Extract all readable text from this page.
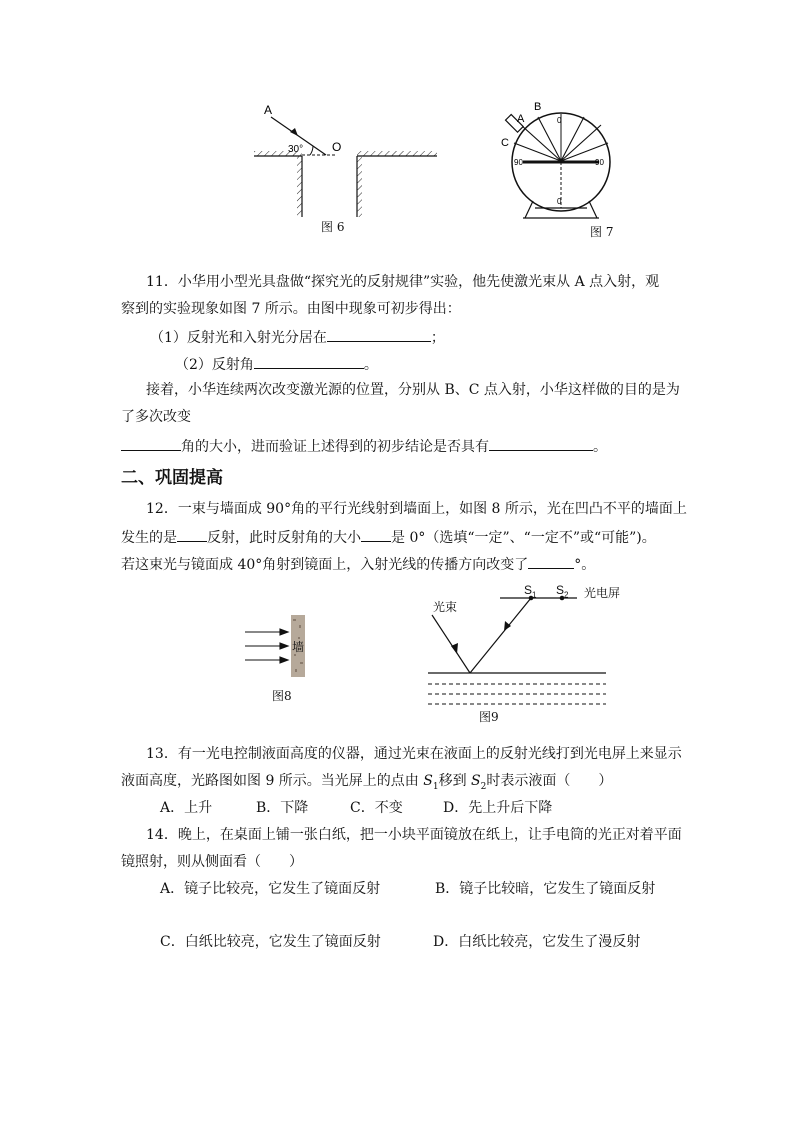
A
30° O
图 6
B
A
C
0
90	90
0
图 7
11．小华用小型光具盘做“探究光的反射规律”实验，他先使激光束从 A 点入射，观
察到的实验现象如图 7 所示。由图中现象可初步得出：
（1）反射光和入射光分居在	；
（2）反射角	。
接着，小华连续两次改变激光源的位置，分别从 B、C 点入射，小华这样做的目的是为
了多次改变
角的大小，进而验证上述得到的初步结论是否具有	。
二、巩固提高
12．一束与墙面成 90°角的平行光线射到墙面上，如图 8 所示，光在凹凸不平的墙面上
发生的是 反射，此时反射角的大小 是 0°（选填“一定”、“一定不”或“可能”)。
若这束光与镜面成 40°角射到镜面上，入射光线的传播方向改变了	°。
墙
图8
光束
$S_1$ $S_2$ 光电屏
图9
13．有一光电控制液面高度的仪器，通过光束在液面上的反射光线打到光电屏上来显示
液面高度，光路图如图 9 所示。当光屏上的点由 $S_1$移到 $S_2$时表示液面（　　）
A．上升	B．下降	C．不变	D．先上升后下降
14．晚上，在桌面上铺一张白纸，把一小块平面镜放在纸上，让手电筒的光正对着平面
镜照射，则从侧面看（　　）
A．镜子比较亮，它发生了镜面反射	B．镜子比较暗，它发生了镜面反射
C．白纸比较亮，它发生了镜面反射	D．白纸比较亮，它发生了漫反射
